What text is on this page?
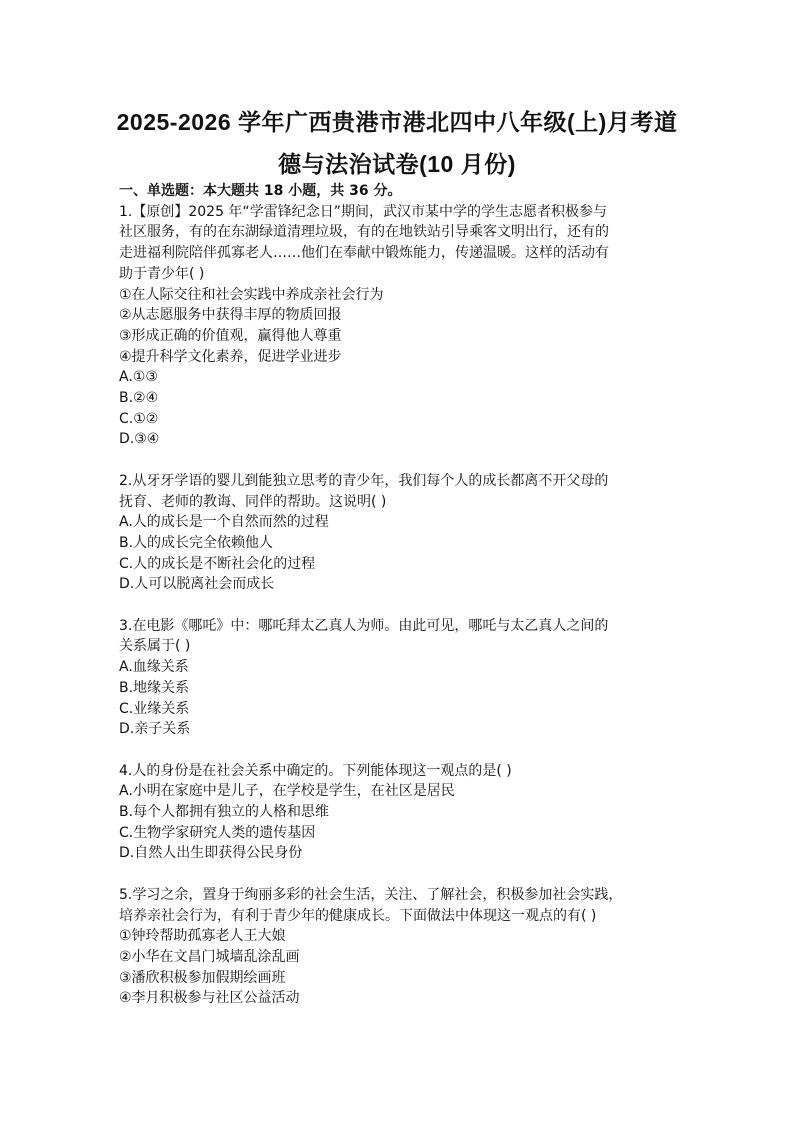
2025-2026 学年广西贵港市港北四中八年级(上)月考道
德与法治试卷(10 月份)
一、单选题：本大题共 18 小题，共 36 分。
1.【原创】2025 年“学雷锋纪念日”期间，武汉市某中学的学生志愿者积极参与
社区服务，有的在东湖绿道清理垃圾，有的在地铁站引导乘客文明出行，还有的
走进福利院陪伴孤寡老人……他们在奉献中锻炼能力，传递温暖。这样的活动有
助于青少年( )
①在人际交往和社会实践中养成亲社会行为
②从志愿服务中获得丰厚的物质回报
③形成正确的价值观，赢得他人尊重
④提升科学文化素养，促进学业进步
A.①③
B.②④
C.①②
D.③④
2.从牙牙学语的婴儿到能独立思考的青少年，我们每个人的成长都离不开父母的
抚育、老师的教诲、同伴的帮助。这说明( )
A.人的成长是一个自然而然的过程
B.人的成长完全依赖他人
C.人的成长是不断社会化的过程
D.人可以脱离社会而成长
3.在电影《哪吒》中：哪吒拜太乙真人为师。由此可见，哪吒与太乙真人之间的
关系属于( )
A.血缘关系
B.地缘关系
C.业缘关系
D.亲子关系
4.人的身份是在社会关系中确定的。下列能体现这一观点的是( )
A.小明在家庭中是儿子，在学校是学生，在社区是居民
B.每个人都拥有独立的人格和思维
C.生物学家研究人类的遗传基因
D.自然人出生即获得公民身份
5.学习之余，置身于绚丽多彩的社会生活，关注、了解社会，积极参加社会实践，
培养亲社会行为，有利于青少年的健康成长。下面做法中体现这一观点的有( )
①钟玲帮助孤寡老人王大娘
②小华在文昌门城墙乱涂乱画
③潘欣积极参加假期绘画班
④李月积极参与社区公益活动
